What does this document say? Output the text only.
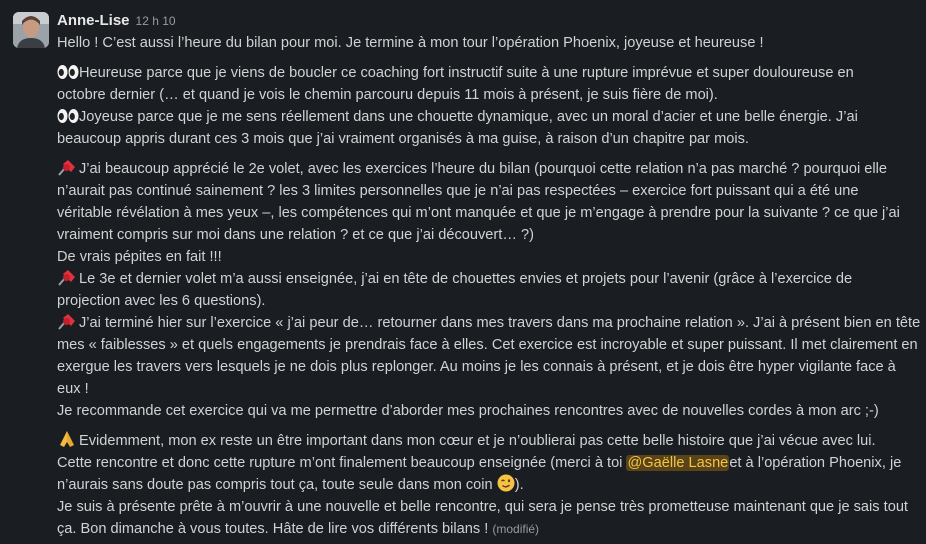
Anne-Lise 12 h 10
Hello ! C’est aussi l’heure du bilan pour moi. Je termine à mon tour l’opération Phoenix, joyeuse et heureuse !
Heureuse parce que je viens de boucler ce coaching fort instructif suite à une rupture imprévue et super douloureuse en
octobre dernier (… et quand je vois le chemin parcouru depuis 11 mois à présent, je suis fière de moi).
Joyeuse parce que je me sens réellement dans une chouette dynamique, avec un moral d’acier et une belle énergie. J’ai
beaucoup appris durant ces 3 mois que j’ai vraiment organisés à ma guise, à raison d’un chapitre par mois.
J’ai beaucoup apprécié le 2e volet, avec les exercices l’heure du bilan (pourquoi cette relation n’a pas marché ? pourquoi elle
n’aurait pas continué sainement ? les 3 limites personnelles que je n’ai pas respectées – exercice fort puissant qui a été une
véritable révélation à mes yeux –, les compétences qui m’ont manquée et que je m’engage à prendre pour la suivante ? ce que j’ai
vraiment compris sur moi dans une relation ? et ce que j’ai découvert… ?)
De vrais pépites en fait !!!
Le 3e et dernier volet m’a aussi enseignée, j’ai en tête de chouettes envies et projets pour l’avenir (grâce à l’exercice de
projection avec les 6 questions).
J’ai terminé hier sur l’exercice « j’ai peur de… retourner dans mes travers dans ma prochaine relation ». J’ai à présent bien en tête
mes « faiblesses » et quels engagements je prendrais face à elles. Cet exercice est incroyable et super puissant. Il met clairement en
exergue les travers vers lesquels je ne dois plus replonger. Au moins je les connais à présent, et je dois être hyper vigilante face à
eux !
Je recommande cet exercice qui va me permettre d’aborder mes prochaines rencontres avec de nouvelles cordes à mon arc ;-)
Evidemment, mon ex reste un être important dans mon cœur et je n’oublierai pas cette belle histoire que j’ai vécue avec lui.
Cette rencontre et donc cette rupture m’ont finalement beaucoup enseignée (merci à toi @Gaëlle Lasneet à l’opération Phoenix, je
n’aurais sans doute pas compris tout ça, toute seule dans mon coin ).
Je suis à présente prête à m’ouvrir à une nouvelle et belle rencontre, qui sera je pense très prometteuse maintenant que je sais tout
ça. Bon dimanche à vous toutes. Hâte de lire vos différents bilans ! (modifié)
